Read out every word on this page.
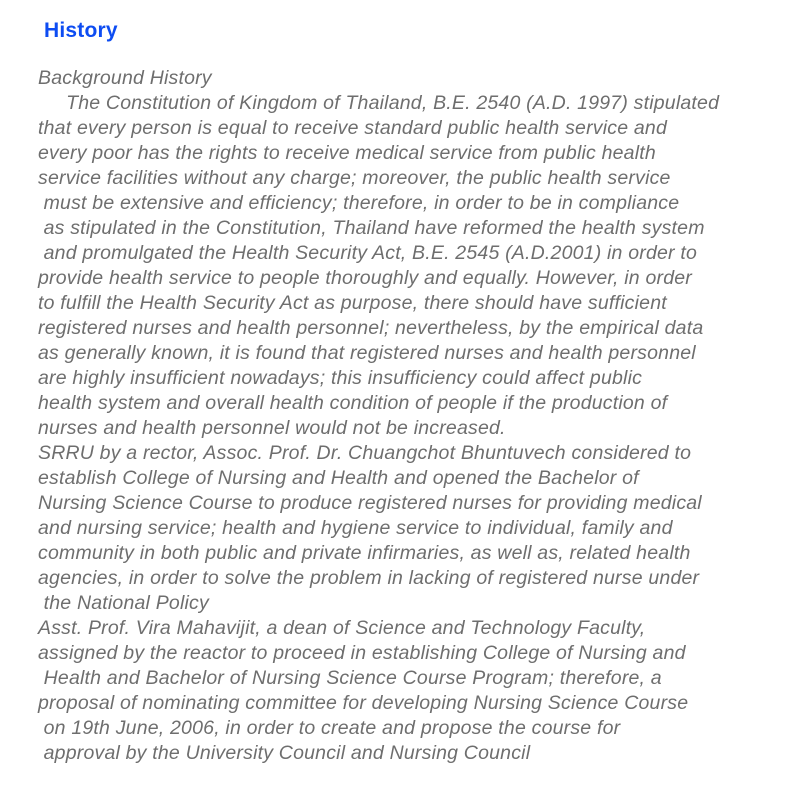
History
Background History
The Constitution of Kingdom of Thailand, B.E. 2540 (A.D. 1997) stipulated
that every person is equal to receive standard public health service and
every poor has the rights to receive medical service from public health
service facilities without any charge; moreover, the public health service
must be extensive and efficiency; therefore, in order to be in compliance
as stipulated in the Constitution, Thailand have reformed the health system
and promulgated the Health Security Act, B.E. 2545 (A.D.2001) in order to
provide health service to people thoroughly and equally. However, in order
to fulfill the Health Security Act as purpose, there should have sufficient
registered nurses and health personnel; nevertheless, by the empirical data
as generally known, it is found that registered nurses and health personnel
are highly insufficient nowadays; this insufficiency could affect public
health system and overall health condition of people if the production of
nurses and health personnel would not be increased.
SRRU by a rector, Assoc. Prof. Dr. Chuangchot Bhuntuvech considered to
establish College of Nursing and Health and opened the Bachelor of
Nursing Science Course to produce registered nurses for providing medical
and nursing service; health and hygiene service to individual, family and
community in both public and private infirmaries, as well as, related health
agencies, in order to solve the problem in lacking of registered nurse under
the National Policy
Asst. Prof. Vira Mahavijit, a dean of Science and Technology Faculty,
assigned by the reactor to proceed in establishing College of Nursing and
Health and Bachelor of Nursing Science Course Program; therefore, a
proposal of nominating committee for developing Nursing Science Course
on 19th June, 2006, in order to create and propose the course for
approval by the University Council and Nursing Council
